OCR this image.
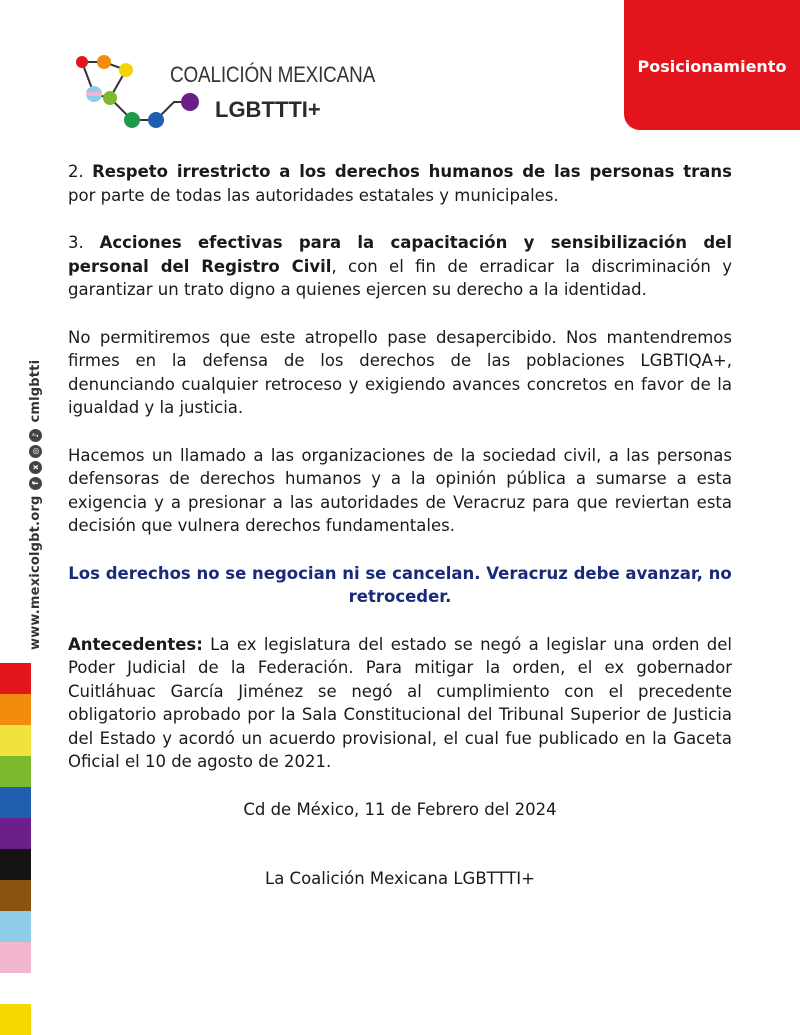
COALICIÓN MEXICANA
LGBTTTI+
Posicionamiento
www.mexicolgbt.org
f
x
◎
♪
cmlgbtti

2. Respeto irrestricto a los derechos humanos de las personas trans por parte de todas las autoridades estatales y municipales.

3. Acciones efectivas para la capacitación y sensibilización del personal del Registro Civil, con el fin de erradicar la discriminación y garantizar un trato digno a quienes ejercen su derecho a la identidad.

No permitiremos que este atropello pase desapercibido. Nos mantendremos firmes en la defensa de los derechos de las poblaciones LGBTIQA+, denunciando cualquier retroceso y exigiendo avances concretos en favor de la igualdad y la justicia.

Hacemos un llamado a las organizaciones de la sociedad civil, a las personas defensoras de derechos humanos y a la opinión pública a sumarse a esta exigencia y a presionar a las autoridades de Veracruz para que reviertan esta decisión que vulnera derechos fundamentales.

Los derechos no se negocian ni se cancelan. Veracruz debe avanzar, no retroceder.

Antecedentes: La ex legislatura del estado se negó a legislar una orden del Poder Judicial de la Federación. Para mitigar la orden, el ex gobernador Cuitláhuac García Jiménez se negó al cumplimiento con el precedente obligatorio aprobado por la Sala Constitucional del Tribunal Superior de Justicia del Estado y acordó un acuerdo provisional, el cual fue publicado en la Gaceta Oficial el 10 de agosto de 2021.

Cd de México, 11 de Febrero del 2024

La Coalición Mexicana LGBTTTI+
